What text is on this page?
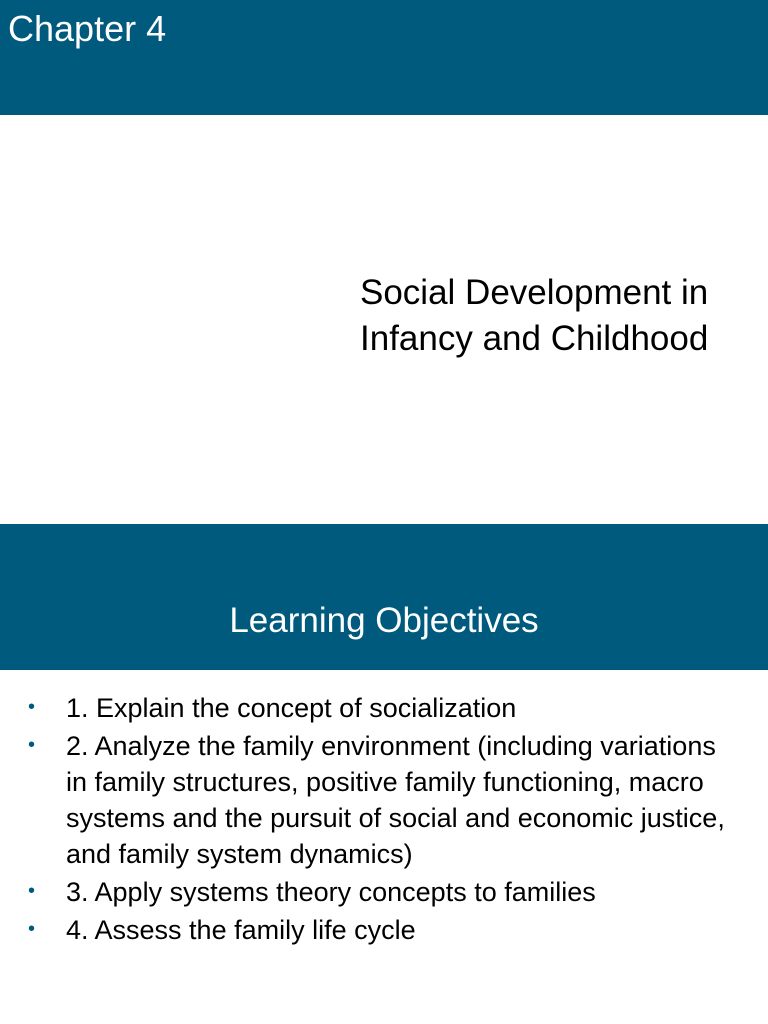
Chapter 4
Social Development in Infancy and Childhood
Learning Objectives
• 1. Explain the concept of socialization
• 2. Analyze the family environment (including variations in family structures, positive family functioning, macro systems and the pursuit of social and economic justice, and family system dynamics)
• 3. Apply systems theory concepts to families
• 4. Assess the family life cycle
